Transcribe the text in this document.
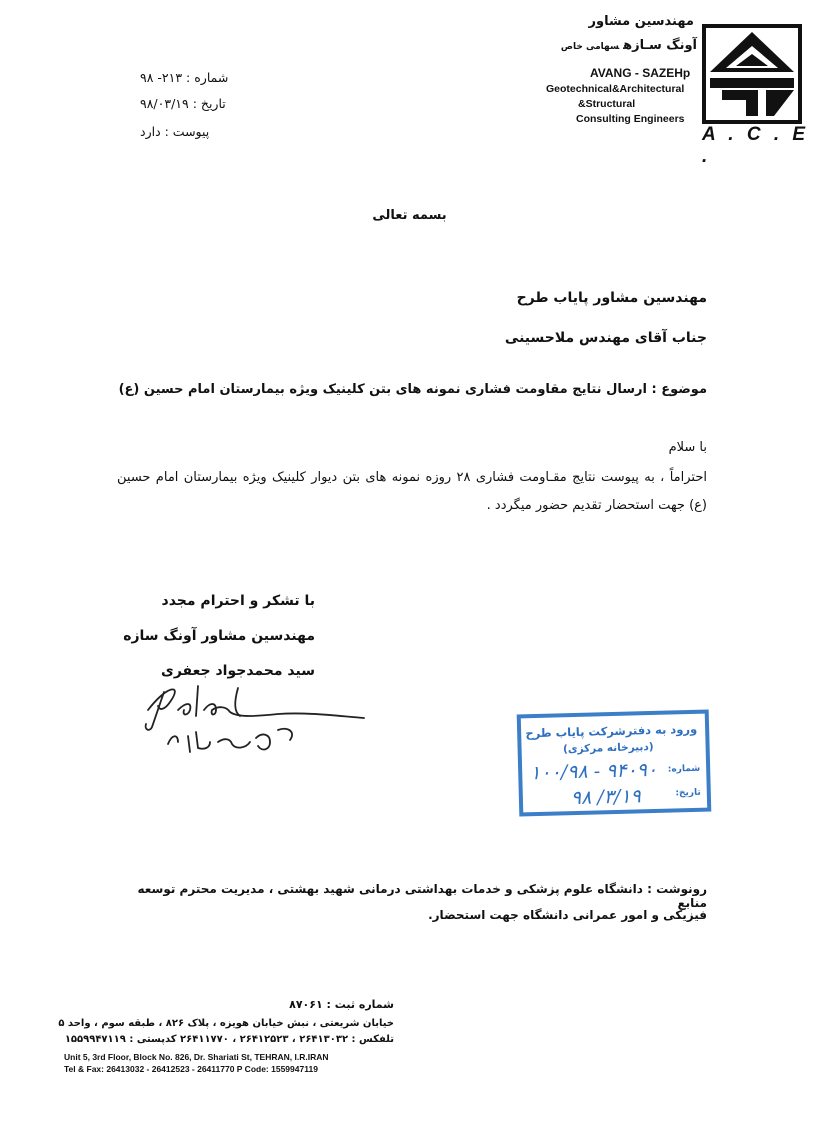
مهندسین مشاور
آونگ سـازهسهامی خاص
AVANG - SAZEHp
Geotechnical&Architectural
&Structural
Consulting Engineers
A . C . E .
شماره : ۲۱۳- ۹۸
تاریخ : ۹۸/۰۳/۱۹
پیوست : دارد
بسمه تعالی
مهندسین مشاور پایاب طرح
جناب آقای مهندس ملاحسینی
موضوع : ارسال نتایج مقاومت فشاری نمونه های بتن کلینیک ویژه بیمارستان امام حسین (ع)
با سلام
احتراماً ، به پیوست نتایج مقـاومت فشاری ۲۸ روزه نمونه های بتن دیوار کلینیک ویژه بیمارستان امام حسین (ع) جهت استحضار تقدیم حضور میگردد .
با تشکر و احترام مجدد
مهندسین مشاور آونگ سازه
سید محمدجواد جعفری
ورود به دفترشرکت پایاب طرح
(دبیرخانه مرکزی)
شماره:
تاریخ:
۱۰۰/۹۸ - ۹۴۰۹۰
۹۸ /۳/۱۹
رونوشت : دانشگاه علوم پزشکی و خدمات بهداشتی درمانی شهید بهشتی ، مدیریت محترم توسعه منابع
فیزیکی و امور عمرانی دانشگاه جهت استحضار.
شماره ثبت : ۸۷۰۶۱
خیابان شریعتی ، نبش خیابان هویزه ، پلاک ۸۲۶ ، طبقه سوم ، واحد ۵
تلفکس : ۲۶۴۱۳۰۳۲ ، ۲۶۴۱۲۵۲۳ ، ۲۶۴۱۱۷۷۰ کدپستی : ۱۵۵۹۹۴۷۱۱۹
Unit 5, 3rd Floor, Block No. 826, Dr. Shariati St, TEHRAN, I.R.IRAN
Tel & Fax: 26413032 - 26412523 - 26411770 P Code: 1559947119
